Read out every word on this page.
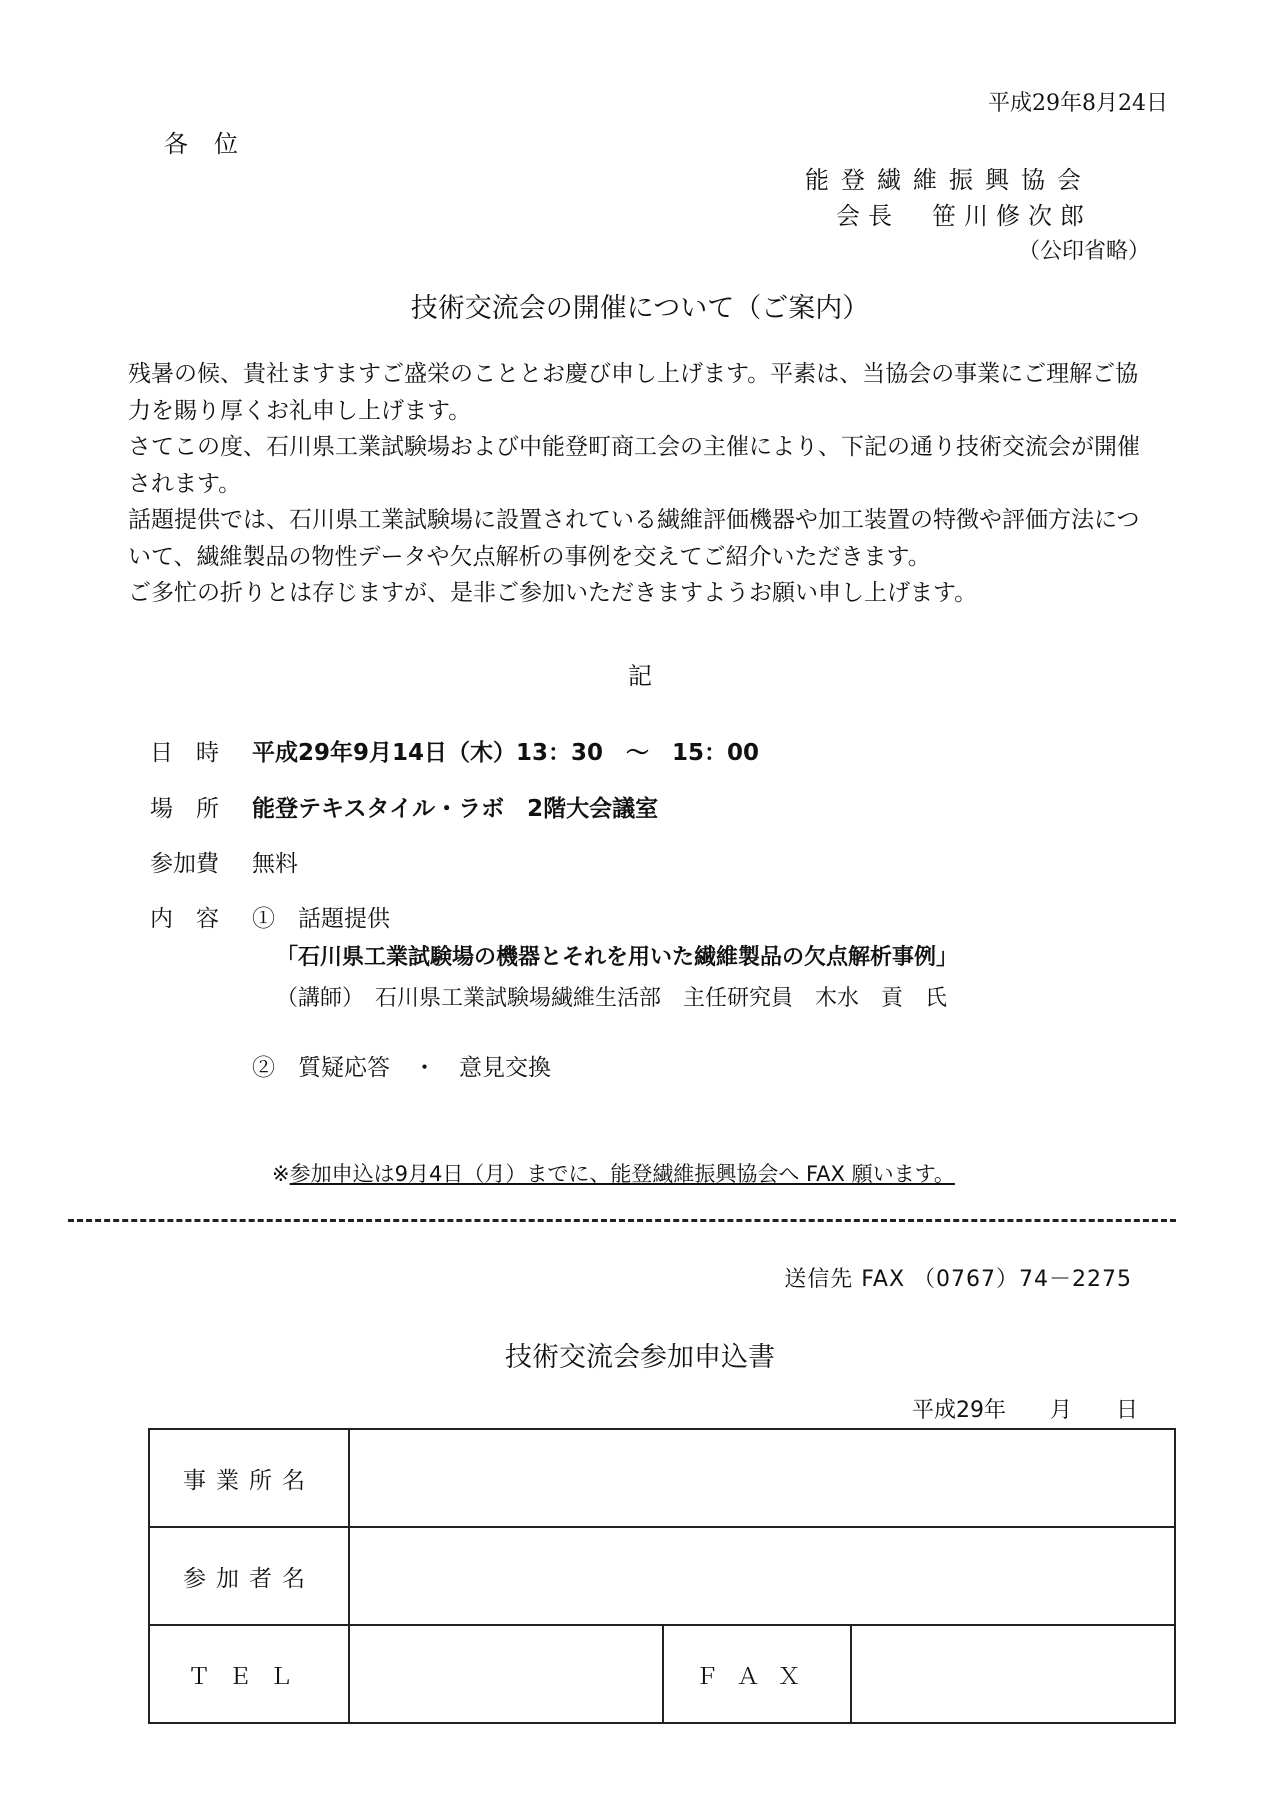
平成29年8月24日
各位
能登繊維振興協会
会長　笹川修次郎
（公印省略）
技術交流会の開催について（ご案内）

残暑の候、貴社ますますご盛栄のこととお慶び申し上げます。平素は、当協会の事業にご理解ご協力を賜り厚くお礼申し上げます。

さてこの度、石川県工業試験場および中能登町商工会の主催により、下記の通り技術交流会が開催されます。

話題提供では、石川県工業試験場に設置されている繊維評価機器や加工装置の特徴や評価方法について、繊維製品の物性データや欠点解析の事例を交えてご紹介いただきます。

ご多忙の折りとは存じますが、是非ご参加いただきますようお願い申し上げます。

記
日　時 平成29年9月14日（木）13：30　～　15：00
場　所 能登テキスタイル・ラボ　2階大会議室
参加費 無料
内　容 ①　話題提供
「石川県工業試験場の機器とそれを用いた繊維製品の欠点解析事例」
（講師）　石川県工業試験場繊維生活部　主任研究員　木水　貢　氏
②　質疑応答　・　意見交換
※参加申込は9月4日（月）までに、能登繊維振興協会へ FAX 願います。
送信先 FAX （0767）74－2275
技術交流会参加申込書
平成29年　　月　　日
事業所名			
参加者名			
ＴＥＬ		ＦＡＸ	
